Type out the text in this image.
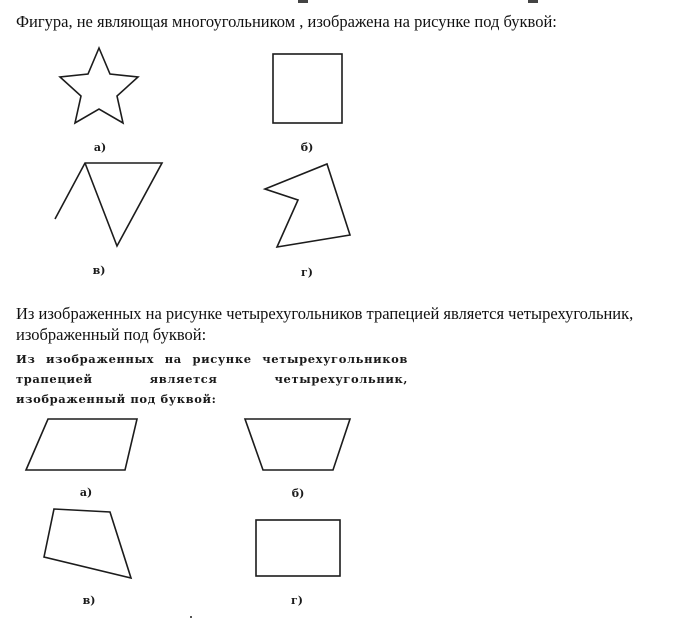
Фигура, не являющая многоугольником , изображена на рисунке под буквой:

а)	б)
в)	г)

Из изображенных на рисунке четырехугольников трапецией является четырехугольник, изображенный под буквой:

Из изображенных на рисунке четырехугольников трапецией является четырехугольник, изображенный под буквой:

а)	б)
в)	г)
